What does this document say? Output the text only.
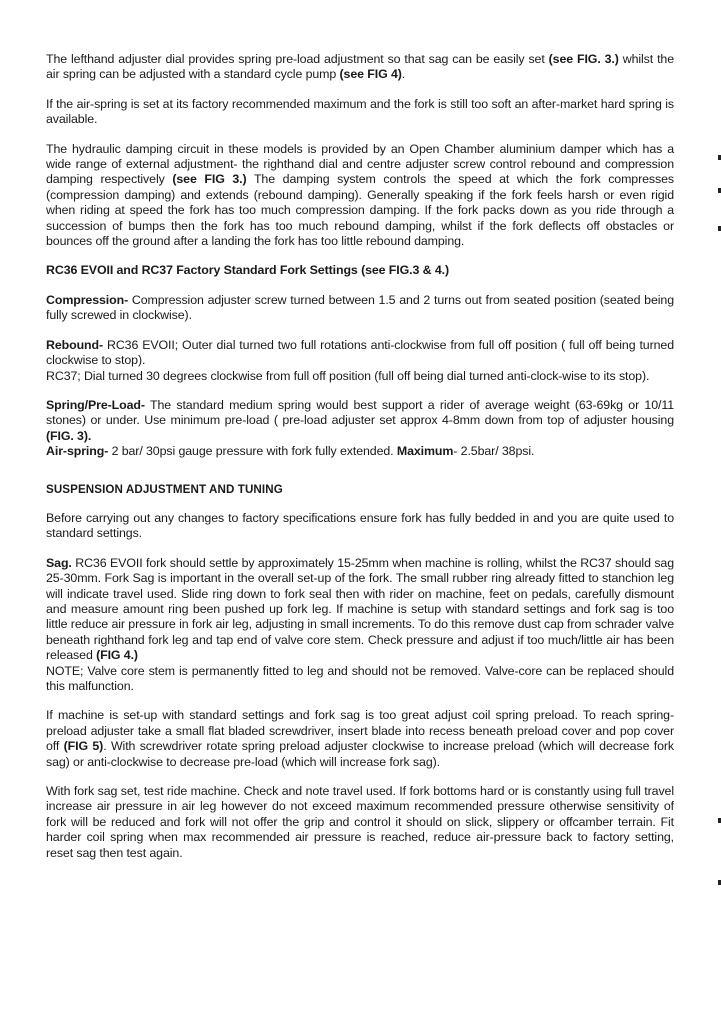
The lefthand adjuster dial provides spring pre-load adjustment so that sag can be easily set (see FIG. 3.) whilst the air spring can be adjusted with a standard cycle pump (see FIG 4).

If the air-spring is set at its factory recommended maximum and the fork is still too soft an after-market hard spring is available.

The hydraulic damping circuit in these models is provided by an Open Chamber aluminium damper which has a wide range of external adjustment- the righthand dial and centre adjuster screw control rebound and compression damping respectively (see FIG 3.) The damping system controls the speed at which the fork compresses (compression damping) and extends (rebound damping). Generally speaking if the fork feels harsh or even rigid when riding at speed the fork has too much compression damping. If the fork packs down as you ride through a succession of bumps then the fork has too much rebound damping, whilst if the fork deflects off obstacles or bounces off the ground after a landing the fork has too little rebound damping.

RC36 EVOII and RC37 Factory Standard Fork Settings (see FIG.3 & 4.)

Compression- Compression adjuster screw turned between 1.5 and 2 turns out from seated position (seated being fully screwed in clockwise).

Rebound- RC36 EVOII; Outer dial turned two full rotations anti-clockwise from full off position ( full off being turned clockwise to stop).

RC37; Dial turned 30 degrees clockwise from full off position (full off being dial turned anti-clock-wise to its stop).

Spring/Pre-Load- The standard medium spring would best support a rider of average weight (63-69kg or 10/11 stones) or under. Use minimum pre-load ( pre-load adjuster set approx 4-8mm down from top of adjuster housing (FIG. 3).

Air-spring- 2 bar/ 30psi gauge pressure with fork fully extended. Maximum- 2.5bar/ 38psi.

SUSPENSION ADJUSTMENT AND TUNING

Before carrying out any changes to factory specifications ensure fork has fully bedded in and you are quite used to standard settings.

Sag. RC36 EVOII fork should settle by approximately 15-25mm when machine is rolling, whilst the RC37 should sag 25-30mm. Fork Sag is important in the overall set-up of the fork. The small rubber ring already fitted to stanchion leg will indicate travel used. Slide ring down to fork seal then with rider on machine, feet on pedals, carefully dismount and measure amount ring been pushed up fork leg. If machine is setup with standard settings and fork sag is too little reduce air pressure in fork air leg, adjusting in small increments. To do this remove dust cap from schrader valve beneath righthand fork leg and tap end of valve core stem. Check pressure and adjust if too much/little air has been released (FIG 4.)

NOTE; Valve core stem is permanently fitted to leg and should not be removed. Valve-core can be replaced should this malfunction.

If machine is set-up with standard settings and fork sag is too great adjust coil spring preload. To reach spring-preload adjuster take a small flat bladed screwdriver, insert blade into recess beneath preload cover and pop cover off (FIG 5). With screwdriver rotate spring preload adjuster clockwise to increase preload (which will decrease fork sag) or anti-clockwise to decrease pre-load (which will increase fork sag).

With fork sag set, test ride machine. Check and note travel used. If fork bottoms hard or is constantly using full travel increase air pressure in air leg however do not exceed maximum recommended pressure otherwise sensitivity of fork will be reduced and fork will not offer the grip and control it should on slick, slippery or offcamber terrain. Fit harder coil spring when max recommended air pressure is reached, reduce air-pressure back to factory setting, reset sag then test again.
